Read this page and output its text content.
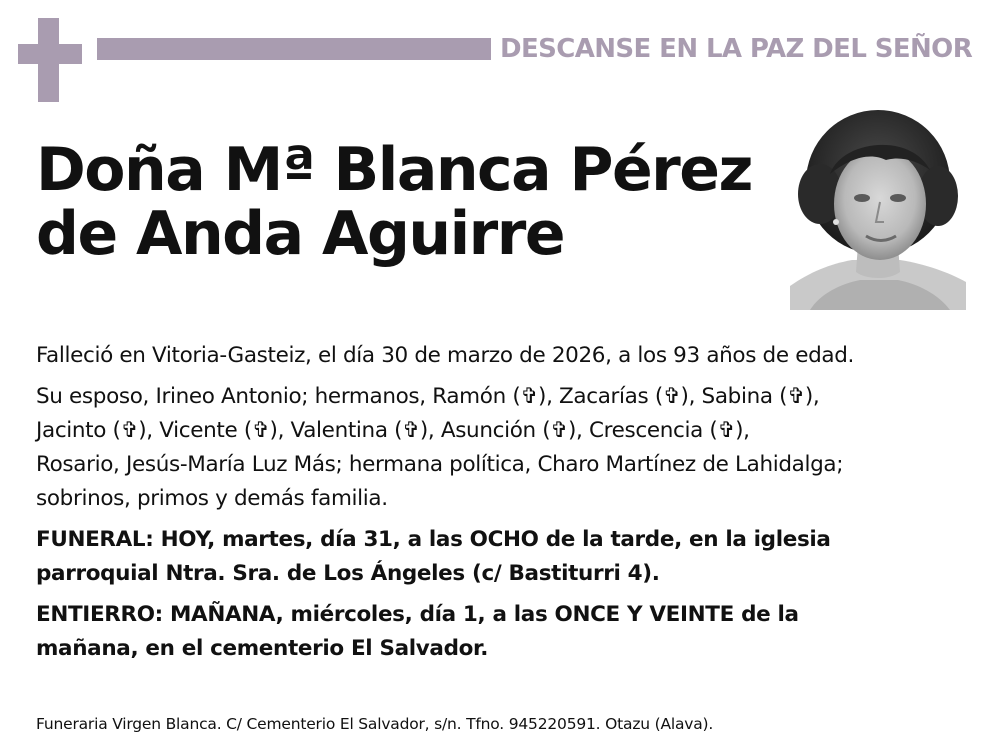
DESCANSE EN LA PAZ DEL SEÑOR
Doña Mª Blanca Pérez
de Anda Aguirre
Falleció en Vitoria-Gasteiz, el día 30 de marzo de 2026, a los 93 años de edad.
Su esposo, Irineo Antonio; hermanos, Ramón (✞), Zacarías (✞), Sabina (✞),
Jacinto (✞), Vicente (✞), Valentina (✞), Asunción (✞), Crescencia (✞),
Rosario, Jesús-María Luz Más; hermana política, Charo Martínez de Lahidalga;
sobrinos, primos y demás familia.
FUNERAL: HOY, martes, día 31, a las OCHO de la tarde, en la iglesia
parroquial Ntra. Sra. de Los Ángeles (c/ Bastiturri 4).
ENTIERRO: MAÑANA, miércoles, día 1, a las ONCE Y VEINTE de la
mañana, en el cementerio El Salvador.
Funeraria Virgen Blanca. C/ Cementerio El Salvador, s/n. Tfno. 945220591. Otazu (Alava).
